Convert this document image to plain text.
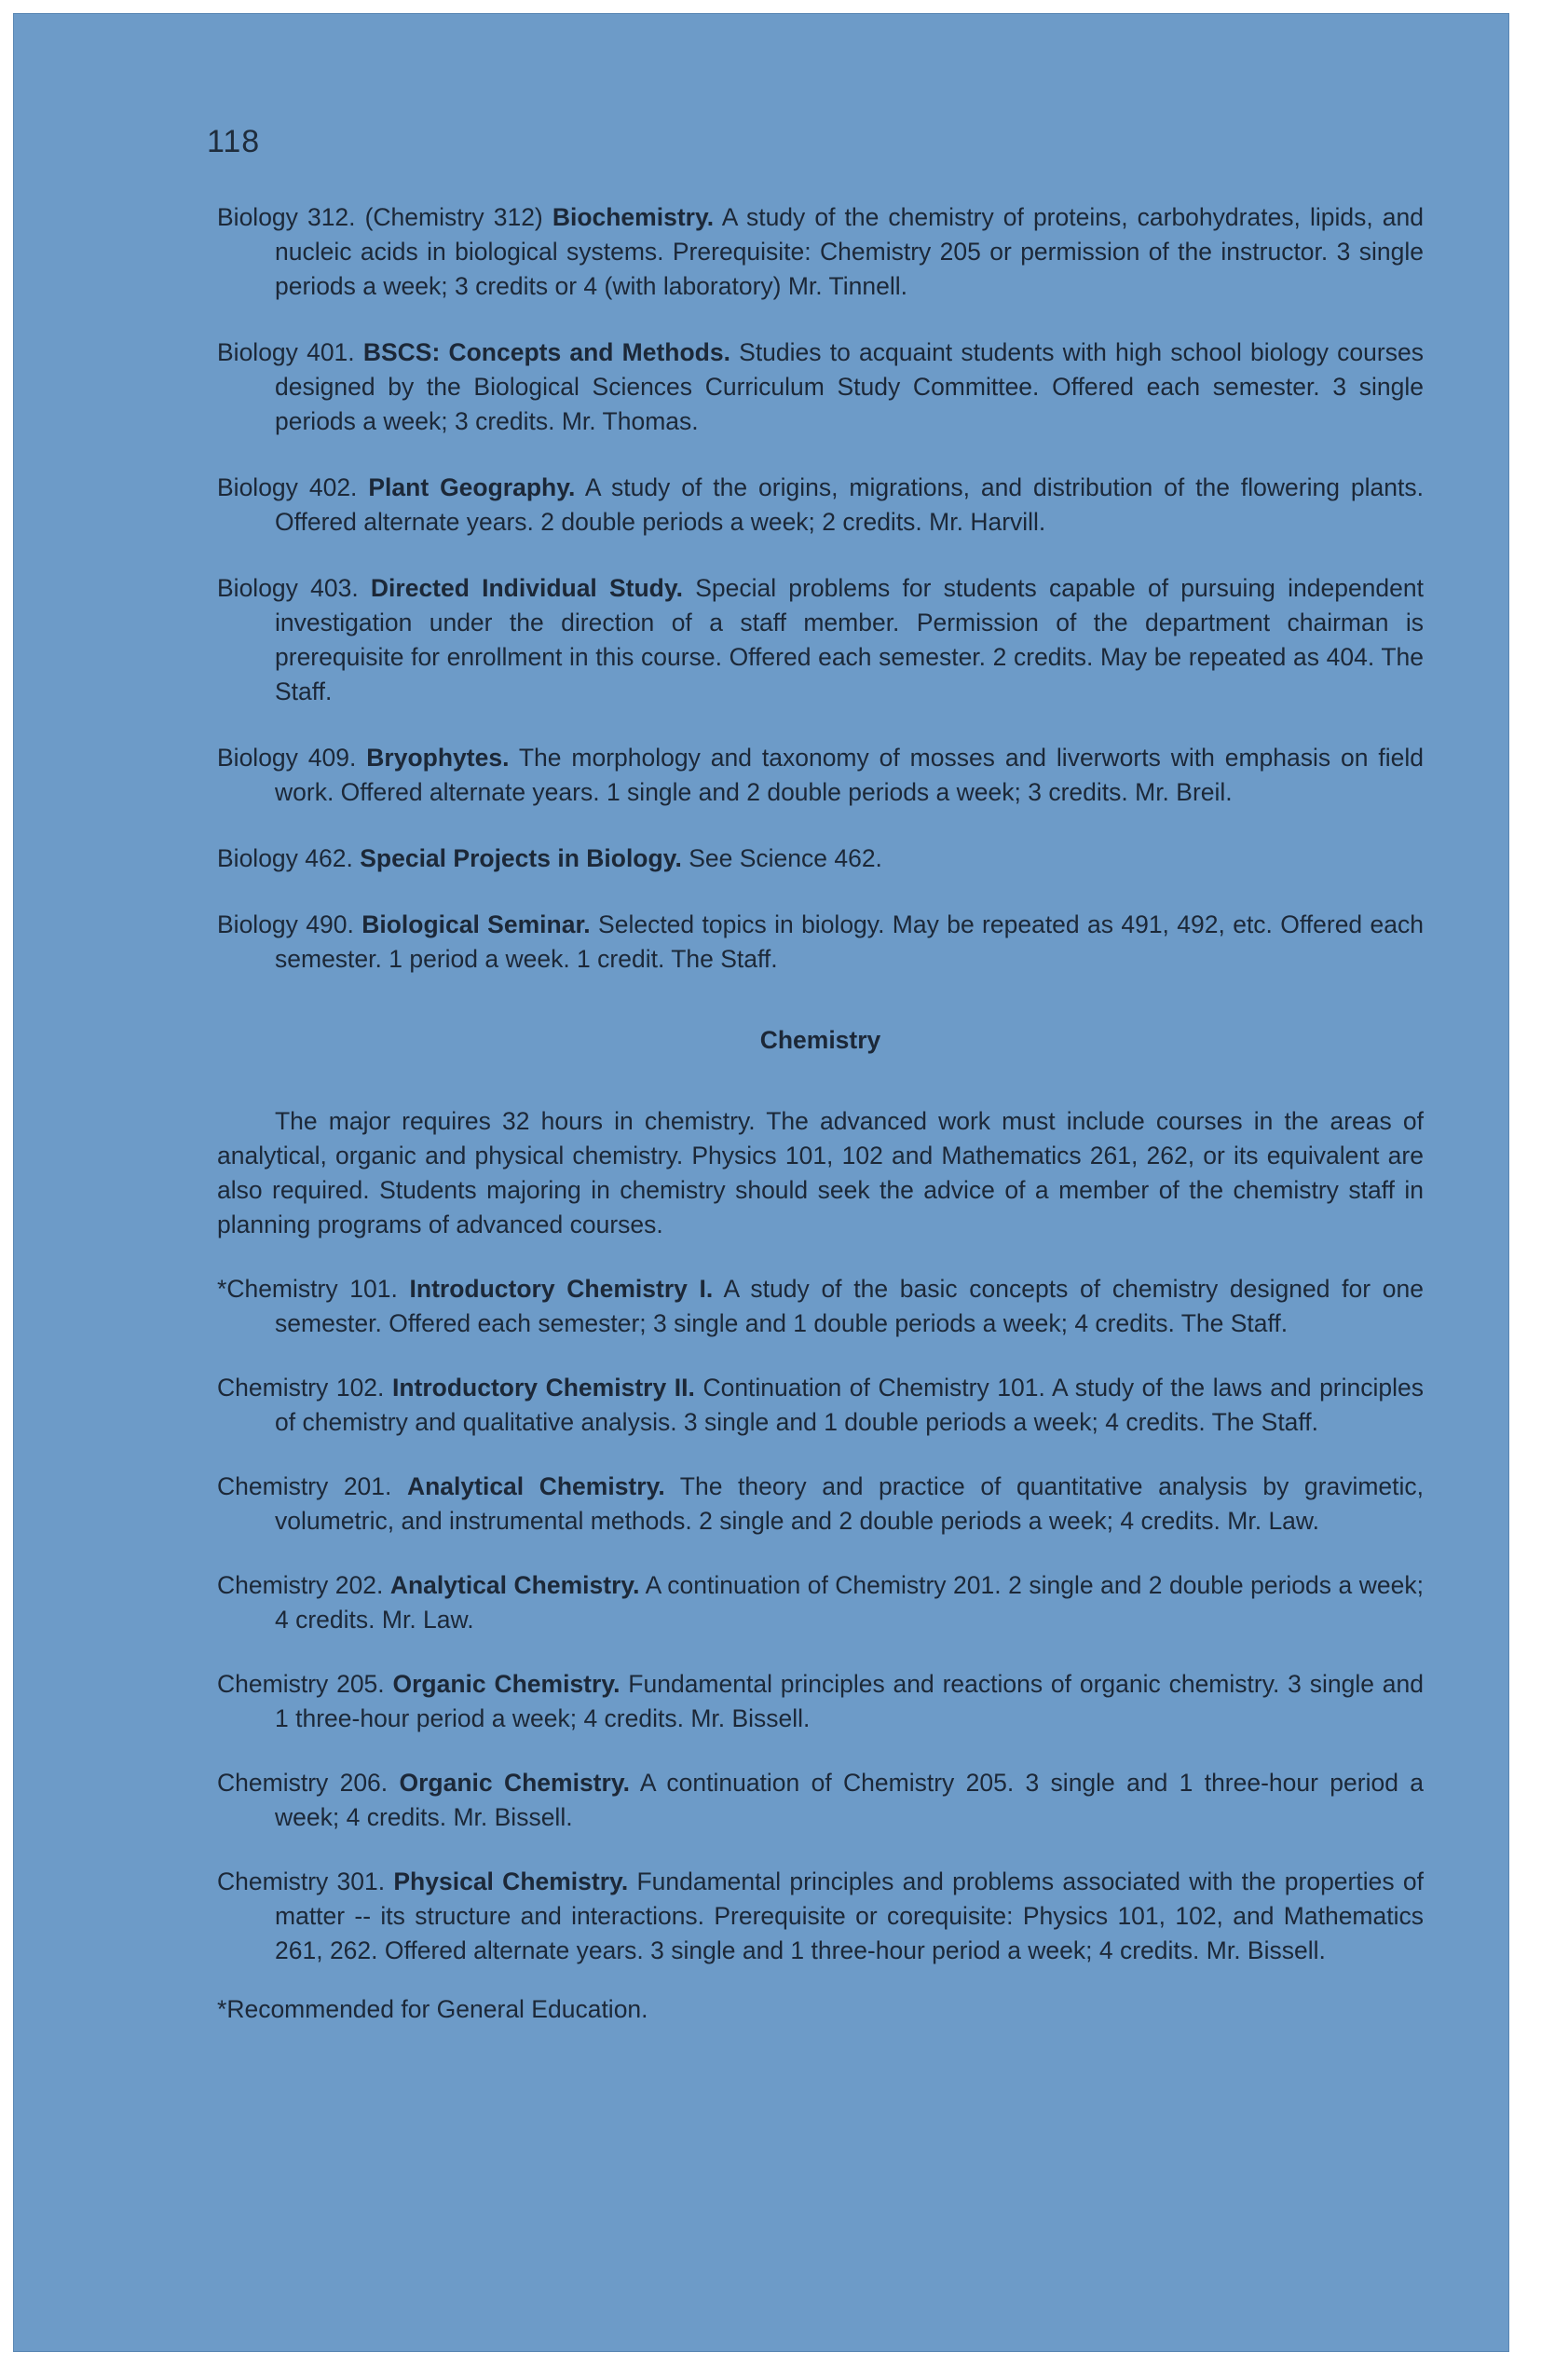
118

Biology 312. (Chemistry 312) Biochemistry. A study of the chemistry of proteins, carbohydrates, lipids, and nucleic acids in biological systems. Prerequisite: Chemistry 205 or permission of the instructor. 3 single periods a week; 3 credits or 4 (with laboratory) Mr. Tinnell.

Biology 401. BSCS: Concepts and Methods. Studies to acquaint students with high school biology courses designed by the Biological Sciences Curriculum Study Committee. Offered each semester. 3 single periods a week; 3 credits. Mr. Thomas.

Biology 402. Plant Geography. A study of the origins, migrations, and distribution of the flowering plants. Offered alternate years. 2 double periods a week; 2 credits. Mr. Harvill.

Biology 403. Directed Individual Study. Special problems for students capable of pursuing independent investigation under the direction of a staff member. Permission of the department chairman is prerequisite for enrollment in this course. Offered each semester. 2 credits. May be repeated as 404. The Staff.

Biology 409. Bryophytes. The morphology and taxonomy of mosses and liverworts with emphasis on field work. Offered alternate years. 1 single and 2 double periods a week; 3 credits. Mr. Breil.

Biology 462. Special Projects in Biology. See Science 462.

Biology 490. Biological Seminar. Selected topics in biology. May be repeated as 491, 492, etc. Offered each semester. 1 period a week. 1 credit. The Staff.

Chemistry

The major requires 32 hours in chemistry. The advanced work must include courses in the areas of analytical, organic and physical chemistry. Physics 101, 102 and Mathematics 261, 262, or its equivalent are also required. Students majoring in chemistry should seek the advice of a member of the chemistry staff in planning programs of advanced courses.

*Chemistry 101. Introductory Chemistry I. A study of the basic concepts of chemistry designed for one semester. Offered each semester; 3 single and 1 double periods a week; 4 credits. The Staff.

Chemistry 102. Introductory Chemistry II. Continuation of Chemistry 101. A study of the laws and principles of chemistry and qualitative analysis. 3 single and 1 double periods a week; 4 credits. The Staff.

Chemistry 201. Analytical Chemistry. The theory and practice of quantitative analysis by gravimetic, volumetric, and instrumental methods. 2 single and 2 double periods a week; 4 credits. Mr. Law.

Chemistry 202. Analytical Chemistry. A continuation of Chemistry 201. 2 single and 2 double periods a week; 4 credits. Mr. Law.

Chemistry 205. Organic Chemistry. Fundamental principles and reactions of organic chemistry. 3 single and 1 three-hour period a week; 4 credits. Mr. Bissell.

Chemistry 206. Organic Chemistry. A continuation of Chemistry 205. 3 single and 1 three-hour period a week; 4 credits. Mr. Bissell.

Chemistry 301. Physical Chemistry. Fundamental principles and problems associated with the properties of matter -- its structure and interactions. Prerequisite or corequisite: Physics 101, 102, and Mathematics 261, 262. Offered alternate years. 3 single and 1 three-hour period a week; 4 credits. Mr. Bissell.

*Recommended for General Education.
